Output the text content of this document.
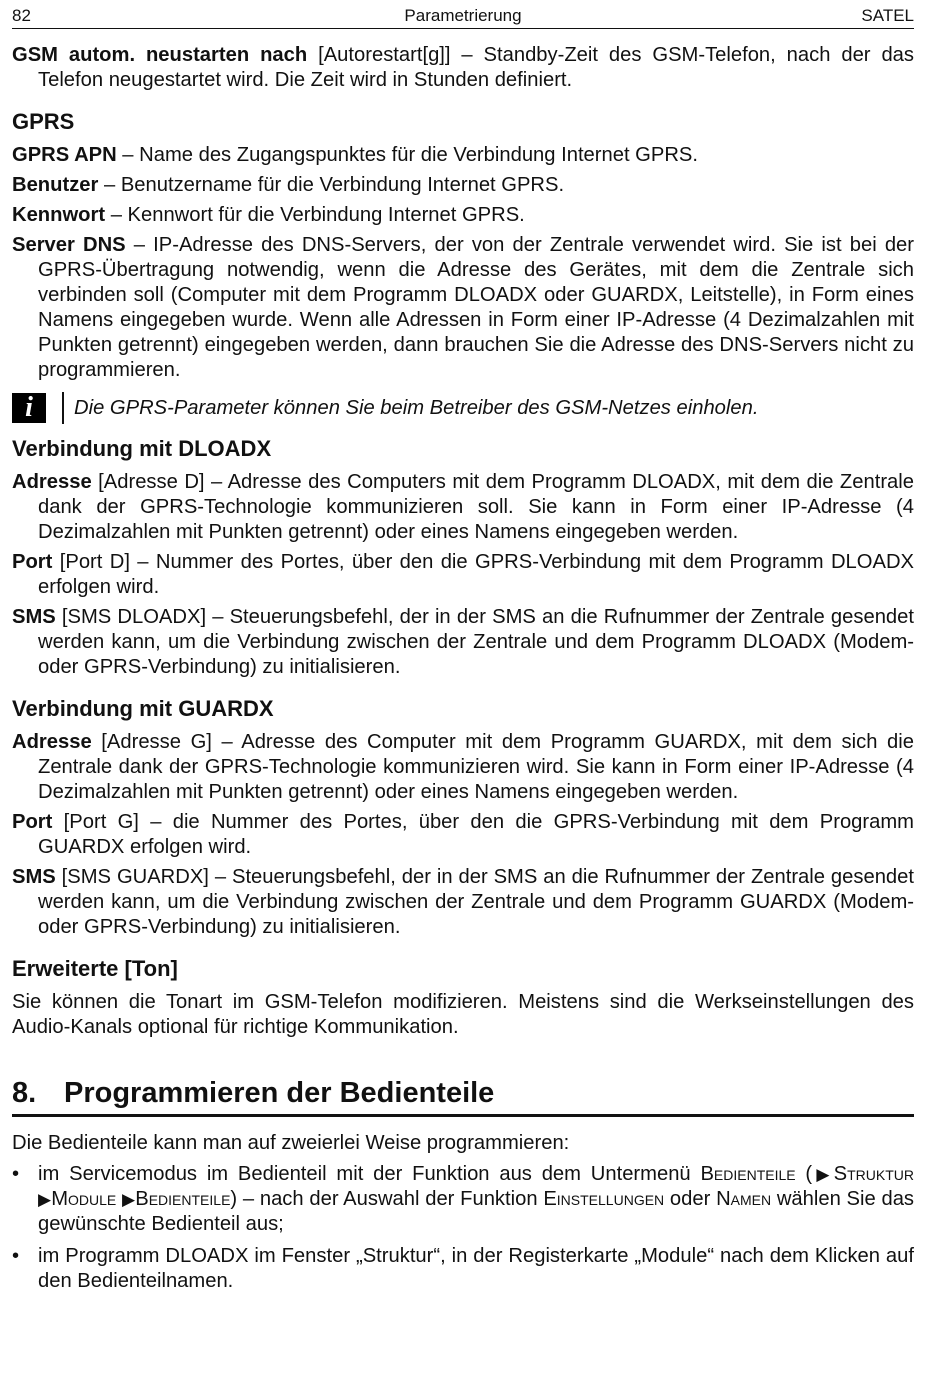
82	Parametrierung	SATEL

GSM autom. neustarten nach [Autorestart[g]] – Standby-Zeit des GSM-Telefon, nach der das Telefon neugestartet wird. Die Zeit wird in Stunden definiert.

GPRS

GPRS APN – Name des Zugangspunktes für die Verbindung Internet GPRS.

Benutzer – Benutzername für die Verbindung Internet GPRS.

Kennwort – Kennwort für die Verbindung Internet GPRS.

Server DNS – IP-Adresse des DNS-Servers, der von der Zentrale verwendet wird. Sie ist bei der GPRS-Übertragung notwendig, wenn die Adresse des Gerätes, mit dem die Zentrale sich verbinden soll (Computer mit dem Programm DLOADX oder GUARDX, Leitstelle), in Form eines Namens eingegeben wurde. Wenn alle Adressen in Form einer IP-Adresse (4 Dezimalzahlen mit Punkten getrennt) eingegeben werden, dann brauchen Sie die Adresse des DNS-Servers nicht zu programmieren.

i	Die GPRS-Parameter können Sie beim Betreiber des GSM-Netzes einholen.
Verbindung mit DLOADX

Adresse [Adresse D] – Adresse des Computers mit dem Programm DLOADX, mit dem die Zentrale dank der GPRS-Technologie kommunizieren soll. Sie kann in Form einer IP-Adresse (4 Dezimalzahlen mit Punkten getrennt) oder eines Namens eingegeben werden.

Port [Port D] – Nummer des Portes, über den die GPRS-Verbindung mit dem Programm DLOADX erfolgen wird.

SMS [SMS DLOADX] – Steuerungsbefehl, der in der SMS an die Rufnummer der Zentrale gesendet werden kann, um die Verbindung zwischen der Zentrale und dem Programm DLOADX (Modem- oder GPRS-Verbindung) zu initialisieren.

Verbindung mit GUARDX

Adresse [Adresse G] – Adresse des Computer mit dem Programm GUARDX, mit dem sich die Zentrale dank der GPRS-Technologie kommunizieren wird. Sie kann in Form einer IP-Adresse (4 Dezimalzahlen mit Punkten getrennt) oder eines Namens eingegeben werden.

Port [Port G] – die Nummer des Portes, über den die GPRS-Verbindung mit dem Programm GUARDX erfolgen wird.

SMS [SMS GUARDX] – Steuerungsbefehl, der in der SMS an die Rufnummer der Zentrale gesendet werden kann, um die Verbindung zwischen der Zentrale und dem Programm GUARDX (Modem- oder GPRS-Verbindung) zu initialisieren.

Erweiterte [Ton]

Sie können die Tonart im GSM-Telefon modifizieren. Meistens sind die Werkseinstellungen des Audio-Kanals optional für richtige Kommunikation.

8. Programmieren der Bedienteile

Die Bedienteile kann man auf zweierlei Weise programmieren:

• im Servicemodus im Bedienteil mit der Funktion aus dem Untermenü Bedienteile (▶Struktur ▶Module ▶Bedienteile) – nach der Auswahl der Funktion Einstellungen oder Namen wählen Sie das gewünschte Bedienteil aus;
• im Programm DLOADX im Fenster „Struktur“, in der Registerkarte „Module“ nach dem Klicken auf den Bedienteilnamen.
